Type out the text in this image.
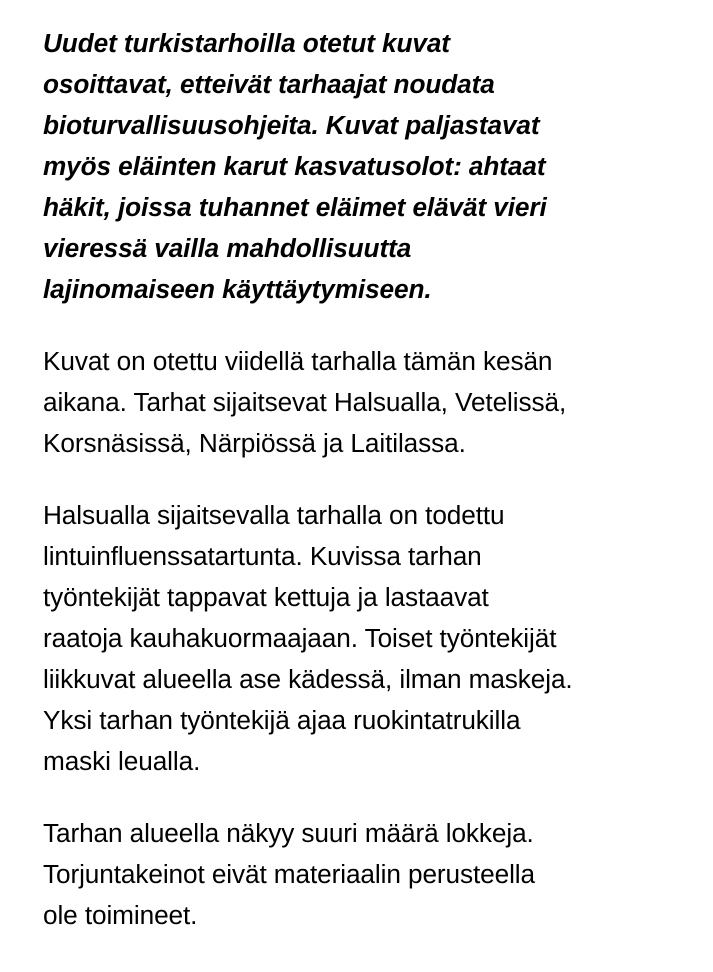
Uudet turkistarhoilla otetut kuvat
osoittavat, etteivät tarhaajat noudata
bioturvallisuusohjeita. Kuvat paljastavat
myös eläinten karut kasvatusolot: ahtaat
häkit, joissa tuhannet eläimet elävät vieri
vieressä vailla mahdollisuutta
lajinomaiseen käyttäytymiseen.

Kuvat on otettu viidellä tarhalla tämän kesän
aikana. Tarhat sijaitsevat Halsualla, Vetelissä,
Korsnäsissä, Närpiössä ja Laitilassa.

Halsualla sijaitsevalla tarhalla on todettu
lintuinfluenssatartunta. Kuvissa tarhan
työntekijät tappavat kettuja ja lastaavat
raatoja kauhakuormaajaan. Toiset työntekijät
liikkuvat alueella ase kädessä, ilman maskeja.
Yksi tarhan työntekijä ajaa ruokintatrukilla
maski leualla.

Tarhan alueella näkyy suuri määrä lokkeja.
Torjuntakeinot eivät materiaalin perusteella
ole toimineet.
